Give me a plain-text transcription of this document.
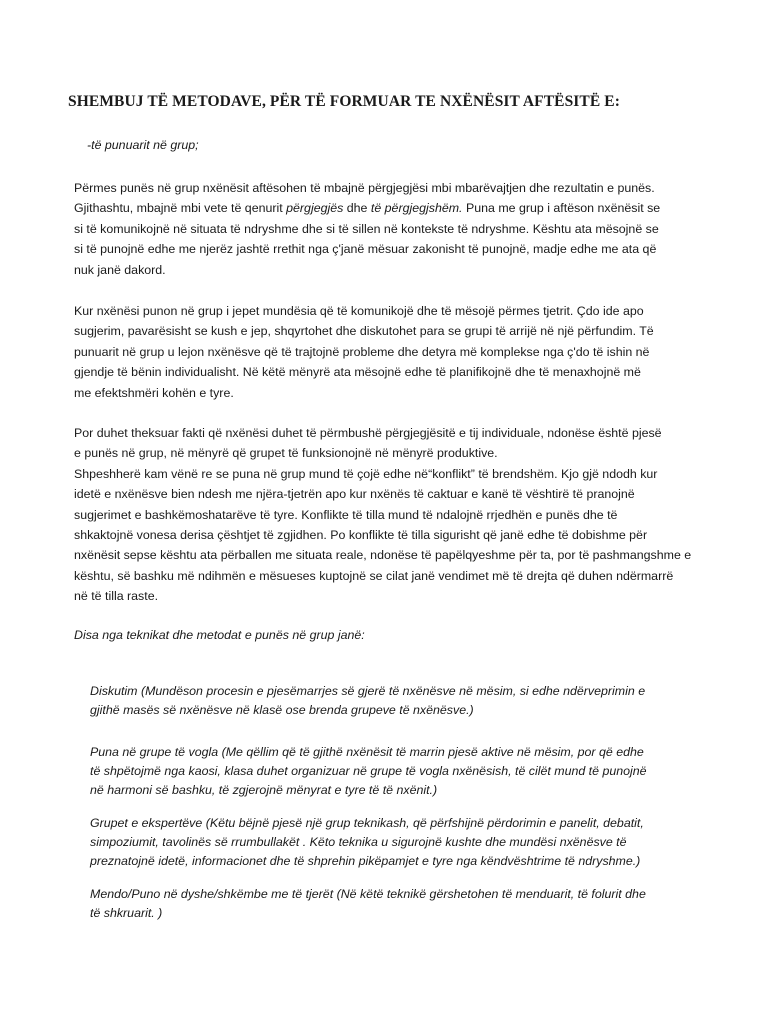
SHEMBUJ TË METODAVE, PËR TË FORMUAR TE NXËNËSIT AFTËSITË E:

-të punuarit në grup;

Përmes punës në grup nxënësit aftësohen të mbajnë përgjegjësi mbi mbarëvajtjen dhe rezultatin e punës.
Gjithashtu, mbajnë mbi vete të qenurit përgjegjës dhe të përgjegjshëm. Puna me grup i aftëson nxënësit se
si të komunikojnë në situata të ndryshme dhe si të sillen në kontekste të ndryshme. Kështu ata mësojnë se
si të punojnë edhe me njerëz jashtë rrethit nga ç'janë mësuar zakonisht të punojnë, madje edhe me ata që
nuk janë dakord.

Kur nxënësi punon në grup i jepet mundësia që të komunikojë dhe të mësojë përmes tjetrit. Çdo ide apo
sugjerim, pavarësisht se kush e jep, shqyrtohet dhe diskutohet para se grupi të arrijë në një përfundim. Të
punuarit në grup u lejon nxënësve që të trajtojnë probleme dhe detyra më komplekse nga ç'do të ishin në
gjendje të bënin individualisht. Në këtë mënyrë ata mësojnë edhe të planifikojnë dhe të menaxhojnë më
me efektshmëri kohën e tyre.

Por duhet theksuar fakti që nxënësi duhet të përmbushë përgjegjësitë e tij individuale, ndonëse është pjesë
e punës në grup, në mënyrë që grupet të funksionojnë në mënyrë produktive.
Shpeshherë kam vënë re se puna në grup mund të çojë edhe në“konflikt” të brendshëm. Kjo gjë ndodh kur
idetë e nxënësve bien ndesh me njëra-tjetrën apo kur nxënës të caktuar e kanë të vështirë të pranojnë
sugjerimet e bashkëmoshatarëve të tyre. Konflikte të tilla mund të ndalojnë rrjedhën e punës dhe të
shkaktojnë vonesa derisa çështjet të zgjidhen. Po konflikte të tilla sigurisht që janë edhe të dobishme për
nxënësit sepse kështu ata përballen me situata reale, ndonëse të papëlqyeshme për ta, por të pashmangshme e
kështu, së bashku më ndihmën e mësueses kuptojnë se cilat janë vendimet më të drejta që duhen ndërmarrë
në të tilla raste.

Disa nga teknikat dhe metodat e punës në grup janë:

Diskutim (Mundëson procesin e pjesëmarrjes së gjerë të nxënësve në mësim, si edhe ndërveprimin e
gjithë masës së nxënësve në klasë ose brenda grupeve të nxënësve.)

Puna në grupe të vogla (Me qëllim që të gjithë nxënësit të marrin pjesë aktive në mësim, por që edhe
të shpëtojmë nga kaosi, klasa duhet organizuar në grupe të vogla nxënësish, të cilët mund të punojnë
në harmoni së bashku, të zgjerojnë mënyrat e tyre të të nxënit.)

Grupet e ekspertëve (Këtu bëjnë pjesë një grup teknikash, që përfshijnë përdorimin e panelit, debatit,
simpoziumit, tavolinës së rrumbullakët . Këto teknika u sigurojnë kushte dhe mundësi nxënësve të
preznatojnë idetë, informacionet dhe të shprehin pikëpamjet e tyre nga këndvështrime të ndryshme.)

Mendo/Puno në dyshe/shkëmbe me të tjerët (Në këtë teknikë gërshetohen të menduarit, të folurit dhe
të shkruarit. )
